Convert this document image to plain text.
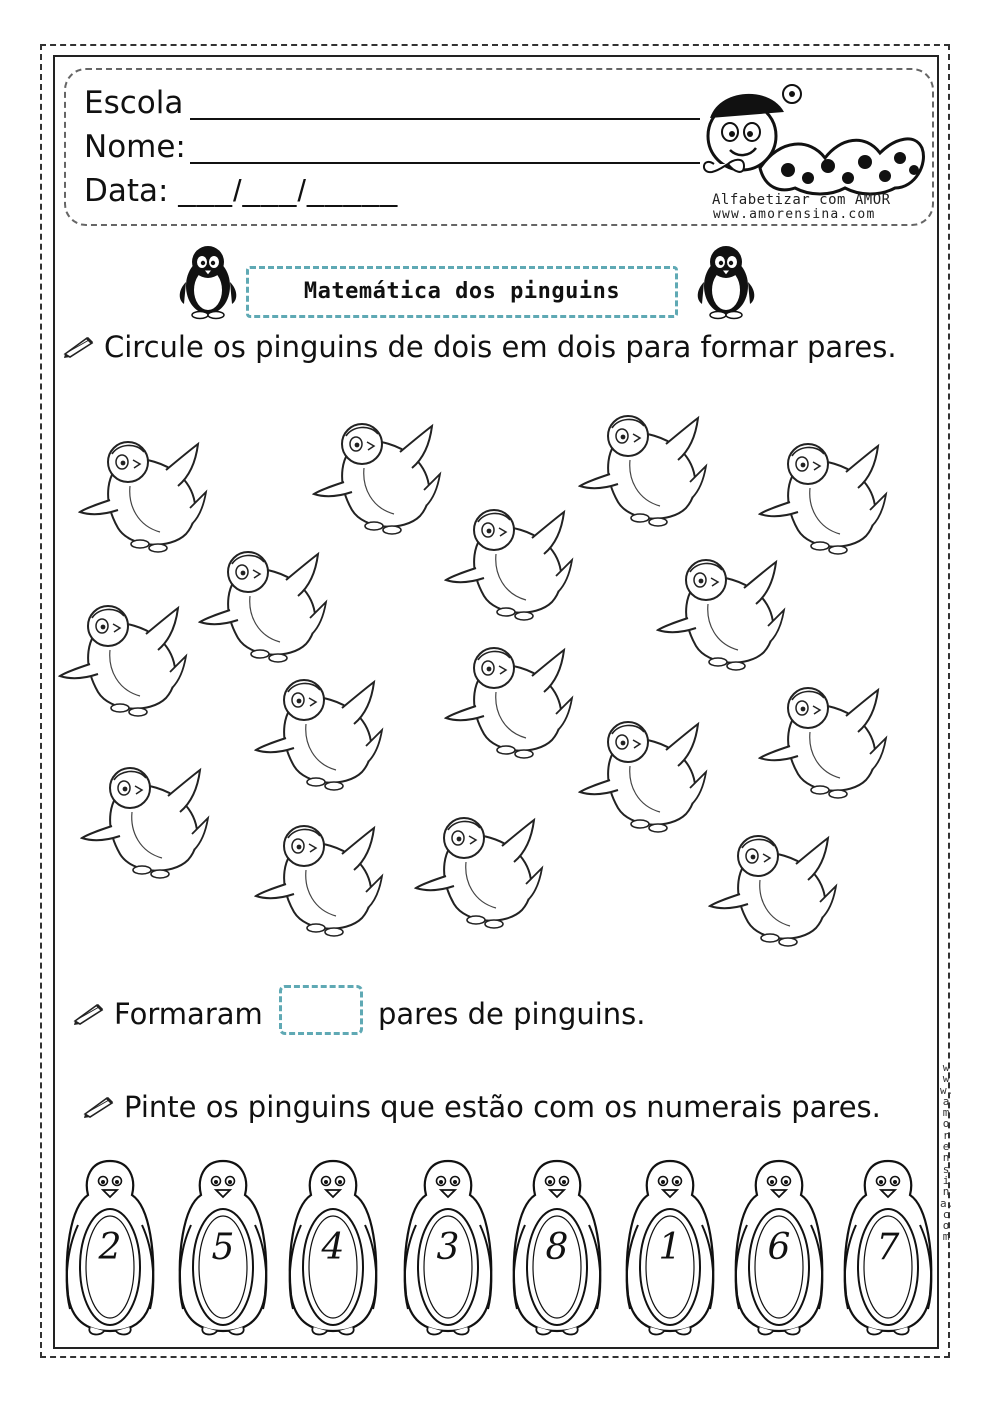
Escola
Nome:
Data: ___/___/_____	Alfabetizar com AMOR
www.amorensina.com
Matemática dos pinguins
Circule os pinguins de dois em dois para formar pares.
Formaram	pares de pinguins.
Pinte os pinguins que estão com os numerais pares.
2	5	4	3	8	1	6	7
www.amorensina.com
